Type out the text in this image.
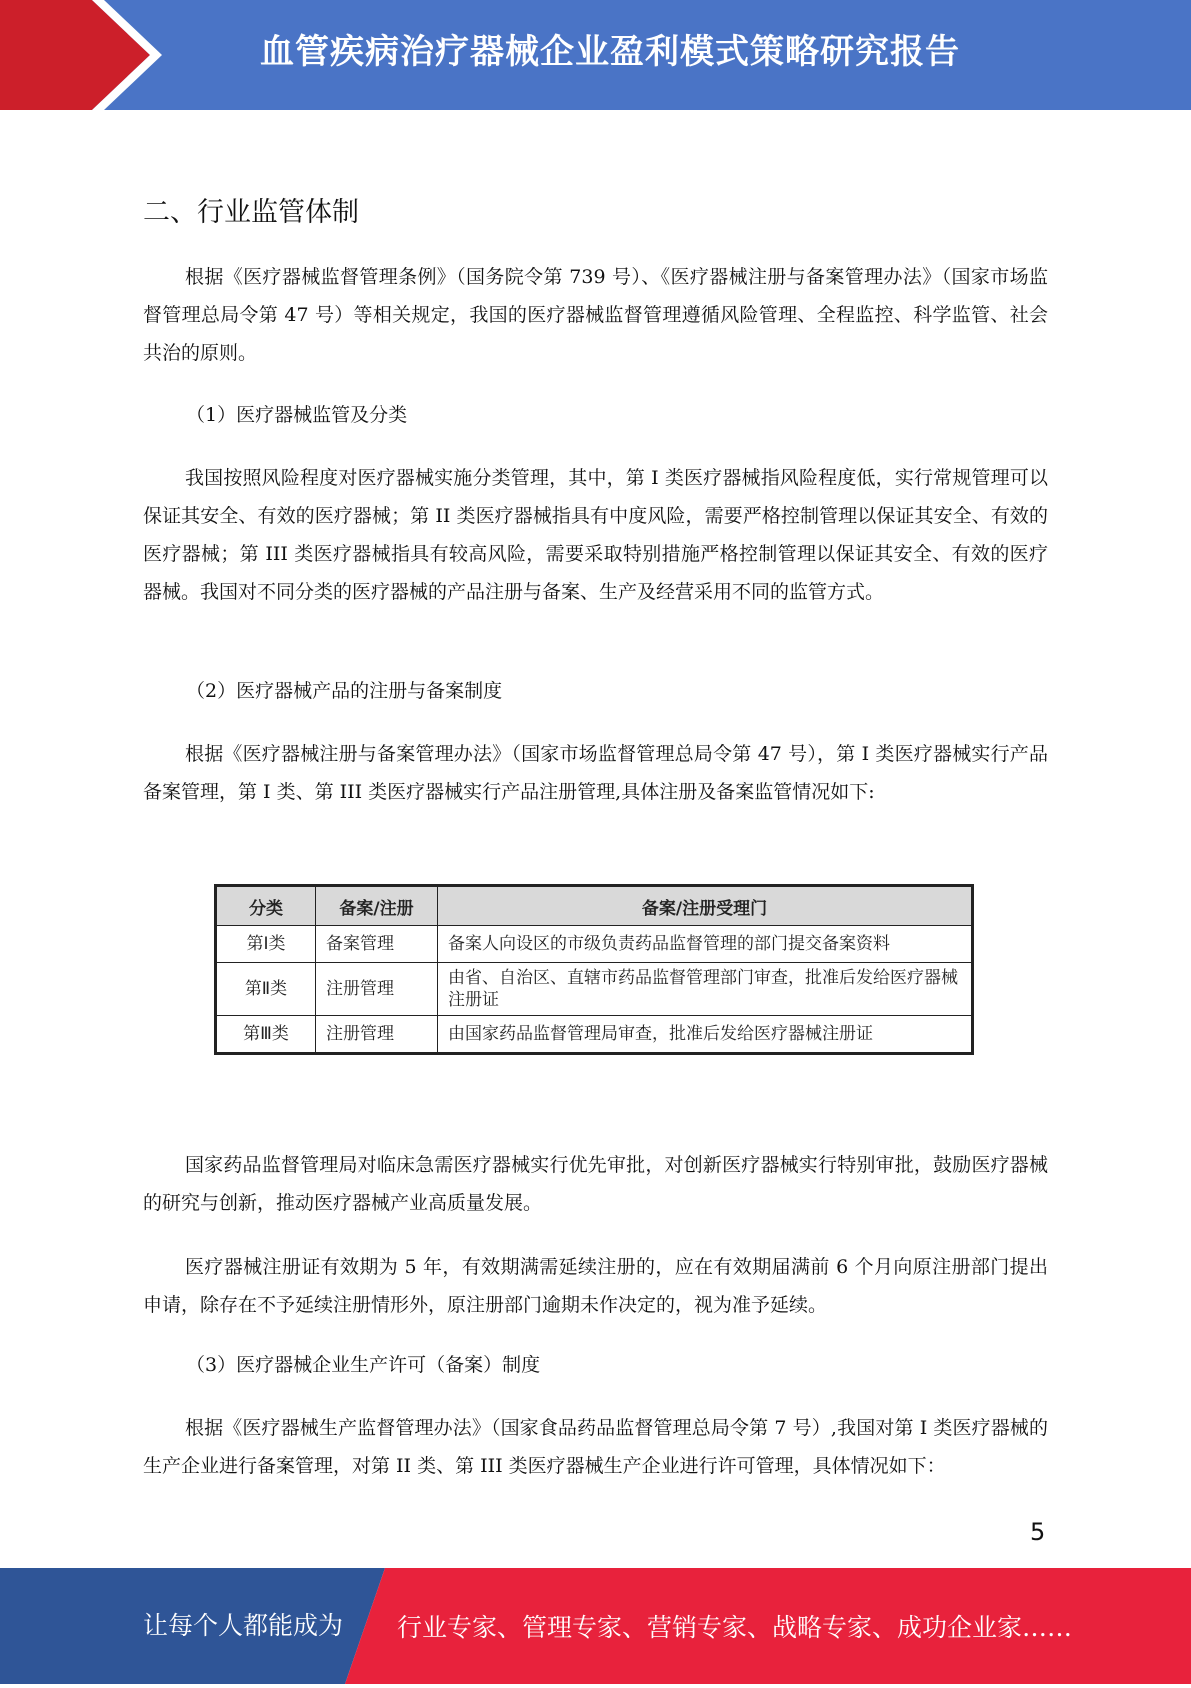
血管疾病治疗器械企业盈利模式策略研究报告
二、行业监管体制

根据《医疗器械监督管理条例》（国务院令第 739 号）、《医疗器械注册与备案管理办法》（国家市场监督管理总局令第 47 号）等相关规定，我国的医疗器械监督管理遵循风险管理、全程监控、科学监管、社会共治的原则。

（1）医疗器械监管及分类

我国按照风险程度对医疗器械实施分类管理，其中，第 I 类医疗器械指风险程度低，实行常规管理可以保证其安全、有效的医疗器械；第 II 类医疗器械指具有中度风险，需要严格控制管理以保证其安全、有效的医疗器械；第 III 类医疗器械指具有较高风险，需要采取特别措施严格控制管理以保证其安全、有效的医疗器械。我国对不同分类的医疗器械的产品注册与备案、生产及经营采用不同的监管方式。

（2）医疗器械产品的注册与备案制度

根据《医疗器械注册与备案管理办法》（国家市场监督管理总局令第 47 号），第 I 类医疗器械实行产品备案管理，第 I 类、第 III 类医疗器械实行产品注册管理,具体注册及备案监管情况如下:

分类	备案/注册	备案/注册受理门
第Ⅰ类	备案管理	备案人向设区的市级负责药品监督管理的部门提交备案资料
第Ⅱ类	注册管理	由省、自治区、直辖市药品监督管理部门审查，批准后发给医疗器械注册证
第Ⅲ类	注册管理	由国家药品监督管理局审查，批准后发给医疗器械注册证

国家药品监督管理局对临床急需医疗器械实行优先审批，对创新医疗器械实行特别审批，鼓励医疗器械的研究与创新，推动医疗器械产业高质量发展。

医疗器械注册证有效期为 5 年，有效期满需延续注册的，应在有效期届满前 6 个月向原注册部门提出申请，除存在不予延续注册情形外，原注册部门逾期未作决定的，视为准予延续。

（3）医疗器械企业生产许可（备案）制度

根据《医疗器械生产监督管理办法》（国家食品药品监督管理总局令第 7 号）,我国对第 I 类医疗器械的生产企业进行备案管理，对第 II 类、第 III 类医疗器械生产企业进行许可管理，具体情况如下：

5
让每个人都能成为 行业专家、管理专家、营销专家、战略专家、成功企业家……
